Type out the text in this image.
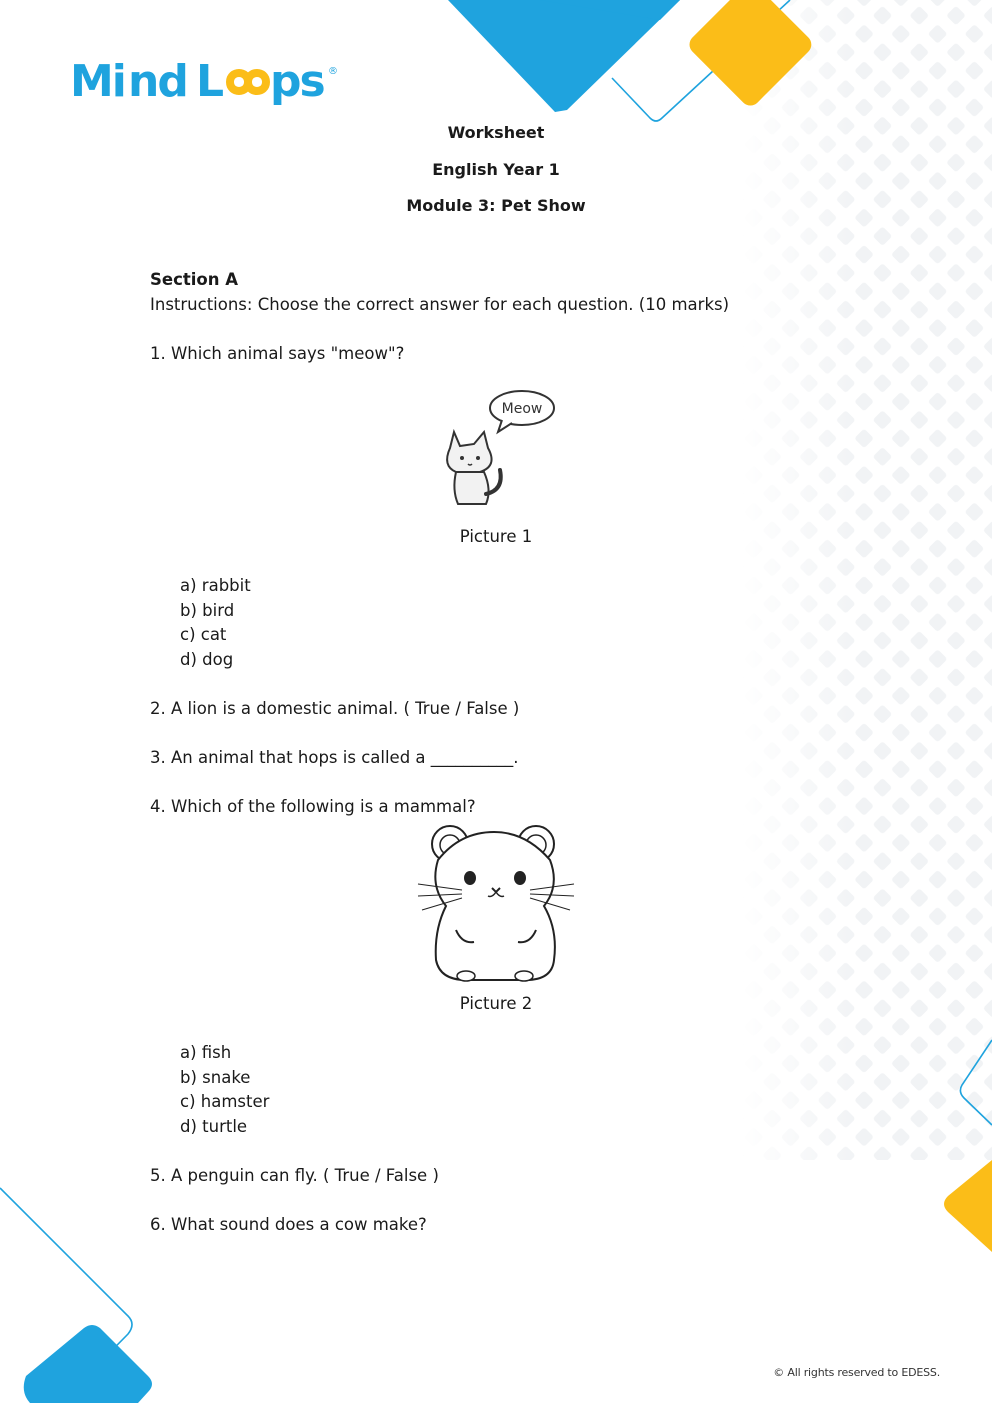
Mi nd L ps ®
Worksheet
English Year 1
Module 3: Pet Show
Section A
Instructions: Choose the correct answer for each question. (10 marks)
1. Which animal says "meow"?
Meow
Picture 1
a) rabbit
b) bird
c) cat
d) dog
2. A lion is a domestic animal. ( True / False )
3. An animal that hops is called a __________.
4. Which of the following is a mammal?
Picture 2
a) fish
b) snake
c) hamster
d) turtle
5. A penguin can fly. ( True / False )
6. What sound does a cow make?
© All rights reserved to EDESS.
